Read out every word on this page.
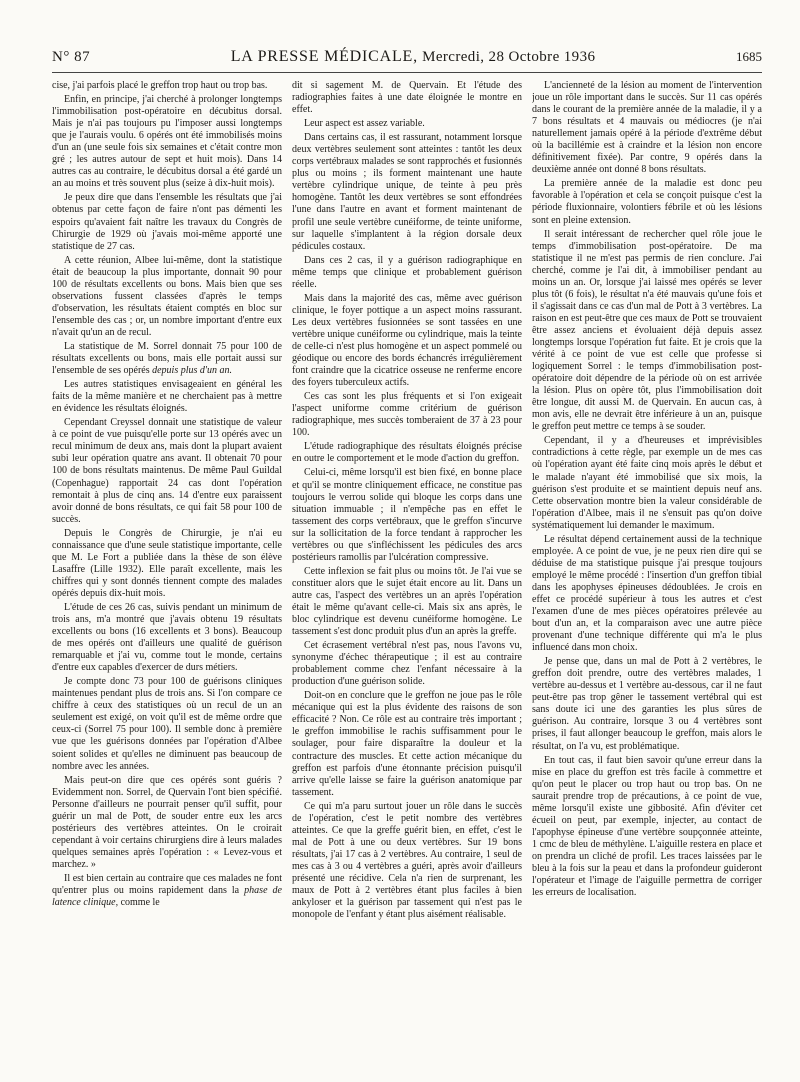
N° 87	LA PRESSE MÉDICALE, Mercredi, 28 Octobre 1936	1685

cise, j'ai parfois placé le greffon trop haut ou trop bas.

Enfin, en principe, j'ai cherché à prolonger longtemps l'immobilisation post-opératoire en décubitus dorsal. Mais je n'ai pas toujours pu l'imposer aussi longtemps que je l'aurais voulu. 6 opérés ont été immobilisés moins d'un an (une seule fois six semaines et c'était contre mon gré ; les autres autour de sept et huit mois). Dans 14 autres cas au contraire, le décubitus dorsal a été gardé un an au moins et très souvent plus (seize à dix-huit mois).

Je peux dire que dans l'ensemble les résultats que j'ai obtenus par cette façon de faire n'ont pas démenti les espoirs qu'avaient fait naître les travaux du Congrès de Chirurgie de 1929 où j'avais moi-même apporté une statistique de 27 cas.

A cette réunion, Albee lui-même, dont la statistique était de beaucoup la plus importante, donnait 90 pour 100 de résultats excellents ou bons. Mais bien que ses observations fussent classées d'après le temps d'observation, les résultats étaient comptés en bloc sur l'ensemble des cas ; or, un nombre important d'entre eux n'avait qu'un an de recul.

La statistique de M. Sorrel donnait 75 pour 100 de résultats excellents ou bons, mais elle portait aussi sur l'ensemble de ses opérés depuis plus d'un an.

Les autres statistiques envisageaient en général les faits de la même manière et ne cherchaient pas à mettre en évidence les résultats éloignés.

Cependant Creyssel donnait une statistique de valeur à ce point de vue puisqu'elle porte sur 13 opérés avec un recul minimum de deux ans, mais dont la plupart avaient subi leur opération quatre ans avant. Il obtenait 70 pour 100 de bons résultats maintenus. De même Paul Guildal (Copenhague) rapportait 24 cas dont l'opération remontait à plus de cinq ans. 14 d'entre eux paraissent avoir donné de bons résultats, ce qui fait 58 pour 100 de succès.

Depuis le Congrès de Chirurgie, je n'ai eu connaissance que d'une seule statistique importante, celle que M. Le Fort a publiée dans la thèse de son élève Lasaffre (Lille 1932). Elle paraît excellente, mais les chiffres qui y sont donnés tiennent compte des malades opérés depuis dix-huit mois.

L'étude de ces 26 cas, suivis pendant un minimum de trois ans, m'a montré que j'avais obtenu 19 résultats excellents ou bons (16 excellents et 3 bons). Beaucoup de mes opérés ont d'ailleurs une qualité de guérison remarquable et j'ai vu, comme tout le monde, certains d'entre eux capables d'exercer de durs métiers.

Je compte donc 73 pour 100 de guérisons cliniques maintenues pendant plus de trois ans. Si l'on compare ce chiffre à ceux des statistiques où un recul de un an seulement est exigé, on voit qu'il est de même ordre que ceux-ci (Sorrel 75 pour 100). Il semble donc à première vue que les guérisons données par l'opération d'Albee soient solides et qu'elles ne diminuent pas beaucoup de nombre avec les années.

Mais peut-on dire que ces opérés sont guéris ? Evidemment non. Sorrel, de Quervain l'ont bien spécifié. Personne d'ailleurs ne pourrait penser qu'il suffit, pour guérir un mal de Pott, de souder entre eux les arcs postérieurs des vertèbres atteintes. On le croirait cependant à voir certains chirurgiens dire à leurs malades quelques semaines après l'opération : « Levez-vous et marchez. »

Il est bien certain au contraire que ces malades ne font qu'entrer plus ou moins rapidement dans la phase de latence clinique, comme le

dit si sagement M. de Quervain. Et l'étude des radiographies faites à une date éloignée le montre en effet.

Leur aspect est assez variable.

Dans certains cas, il est rassurant, notamment lorsque deux vertèbres seulement sont atteintes : tantôt les deux corps vertébraux malades se sont rapprochés et fusionnés plus ou moins ; ils forment maintenant une haute vertèbre cylindrique unique, de teinte à peu près homogène. Tantôt les deux vertèbres se sont effondrées l'une dans l'autre en avant et forment maintenant de profil une seule vertèbre cunéiforme, de teinte uniforme, sur laquelle s'implantent à la région dorsale deux pédicules costaux.

Dans ces 2 cas, il y a guérison radiographique en même temps que clinique et probablement guérison réelle.

Mais dans la majorité des cas, même avec guérison clinique, le foyer pottique a un aspect moins rassurant. Les deux vertèbres fusionnées se sont tassées en une vertèbre unique cunéiforme ou cylindrique, mais la teinte de celle-ci n'est plus homogène et un aspect pommelé ou géodique ou encore des bords échancrés irrégulièrement font craindre que la cicatrice osseuse ne renferme encore des foyers tuberculeux actifs.

Ces cas sont les plus fréquents et si l'on exigeait l'aspect uniforme comme critérium de guérison radiographique, mes succès tomberaient de 37 à 23 pour 100.

L'étude radiographique des résultats éloignés précise en outre le comportement et le mode d'action du greffon.

Celui-ci, même lorsqu'il est bien fixé, en bonne place et qu'il se montre cliniquement efficace, ne constitue pas toujours le verrou solide qui bloque les corps dans une situation immuable ; il n'empêche pas en effet le tassement des corps vertébraux, que le greffon s'incurve sur la sollicitation de la force tendant à rapprocher les vertèbres ou que s'infléchissent les pédicules des arcs postérieurs ramollis par l'ulcération compressive.

Cette inflexion se fait plus ou moins tôt. Je l'ai vue se constituer alors que le sujet était encore au lit. Dans un autre cas, l'aspect des vertèbres un an après l'opération était le même qu'avant celle-ci. Mais six ans après, le bloc cylindrique est devenu cunéiforme homogène. Le tassement s'est donc produit plus d'un an après la greffe.

Cet écrasement vertébral n'est pas, nous l'avons vu, synonyme d'échec thérapeutique ; il est au contraire probablement comme chez l'enfant nécessaire à la production d'une guérison solide.

Doit-on en conclure que le greffon ne joue pas le rôle mécanique qui est la plus évidente des raisons de son efficacité ? Non. Ce rôle est au contraire très important ; le greffon immobilise le rachis suffisamment pour le soulager, pour faire disparaître la douleur et la contracture des muscles. Et cette action mécanique du greffon est parfois d'une étonnante précision puisqu'il arrive qu'elle laisse se faire la guérison anatomique par tassement.

Ce qui m'a paru surtout jouer un rôle dans le succès de l'opération, c'est le petit nombre des vertèbres atteintes. Ce que la greffe guérit bien, en effet, c'est le mal de Pott à une ou deux vertèbres. Sur 19 bons résultats, j'ai 17 cas à 2 vertèbres. Au contraire, 1 seul de mes cas à 3 ou 4 vertèbres a guéri, après avoir d'ailleurs présenté une récidive. Cela n'a rien de surprenant, les maux de Pott à 2 vertèbres étant plus faciles à bien ankyloser et la guérison par tassement qui n'est pas le monopole de l'enfant y étant plus aisément réalisable.

L'ancienneté de la lésion au moment de l'intervention joue un rôle important dans le succès. Sur 11 cas opérés dans le courant de la première année de la maladie, il y a 7 bons résultats et 4 mauvais ou médiocres (je n'ai naturellement jamais opéré à la période d'extrême début où la bacillémie est à craindre et la lésion non encore définitivement fixée). Par contre, 9 opérés dans la deuxième année ont donné 8 bons résultats.

La première année de la maladie est donc peu favorable à l'opération et cela se conçoit puisque c'est la période fluxionnaire, volontiers fébrile et où les lésions sont en pleine extension.

Il serait intéressant de rechercher quel rôle joue le temps d'immobilisation post-opératoire. De ma statistique il ne m'est pas permis de rien conclure. J'ai cherché, comme je l'ai dit, à immobiliser pendant au moins un an. Or, lorsque j'ai laissé mes opérés se lever plus tôt (6 fois), le résultat n'a été mauvais qu'une fois et il s'agissait dans ce cas d'un mal de Pott à 3 vertèbres. La raison en est peut-être que ces maux de Pott se trouvaient être assez anciens et évoluaient déjà depuis assez longtemps lorsque l'opération fut faite. Et je crois que la vérité à ce point de vue est celle que professe si logiquement Sorrel : le temps d'immobilisation post-opératoire doit dépendre de la période où on est arrivée la lésion. Plus on opère tôt, plus l'immobilisation doit être longue, dit aussi M. de Quervain. En aucun cas, à mon avis, elle ne devrait être inférieure à un an, puisque le greffon peut mettre ce temps à se souder.

Cependant, il y a d'heureuses et imprévisibles contradictions à cette règle, par exemple un de mes cas où l'opération ayant été faite cinq mois après le début et le malade n'ayant été immobilisé que six mois, la guérison s'est produite et se maintient depuis neuf ans. Cette observation montre bien la valeur considérable de l'opération d'Albee, mais il ne s'ensuit pas qu'on doive systématiquement lui demander le maximum.

Le résultat dépend certainement aussi de la technique employée. A ce point de vue, je ne peux rien dire qui se déduise de ma statistique puisque j'ai presque toujours employé le même procédé : l'insertion d'un greffon tibial dans les apophyses épineuses dédoublées. Je crois en effet ce procédé supérieur à tous les autres et c'est l'examen d'une de mes pièces opératoires prélevée au bout d'un an, et la comparaison avec une autre pièce provenant d'une technique différente qui m'a le plus influencé dans mon choix.

Je pense que, dans un mal de Pott à 2 vertèbres, le greffon doit prendre, outre des vertèbres malades, 1 vertèbre au-dessus et 1 vertèbre au-dessous, car il ne faut peut-être pas trop gêner le tassement vertébral qui est sans doute ici une des garanties les plus sûres de guérison. Au contraire, lorsque 3 ou 4 vertèbres sont prises, il faut allonger beaucoup le greffon, mais alors le résultat, on l'a vu, est problématique.

En tout cas, il faut bien savoir qu'une erreur dans la mise en place du greffon est très facile à commettre et qu'on peut le placer ou trop haut ou trop bas. On ne saurait prendre trop de précautions, à ce point de vue, même lorsqu'il existe une gibbosité. Afin d'éviter cet écueil on peut, par exemple, injecter, au contact de l'apophyse épineuse d'une vertèbre soupçonnée atteinte, 1 cmc de bleu de méthylène. L'aiguille restera en place et on prendra un cliché de profil. Les traces laissées par le bleu à la fois sur la peau et dans la profondeur guideront l'opérateur et l'image de l'aiguille permettra de corriger les erreurs de localisation.
